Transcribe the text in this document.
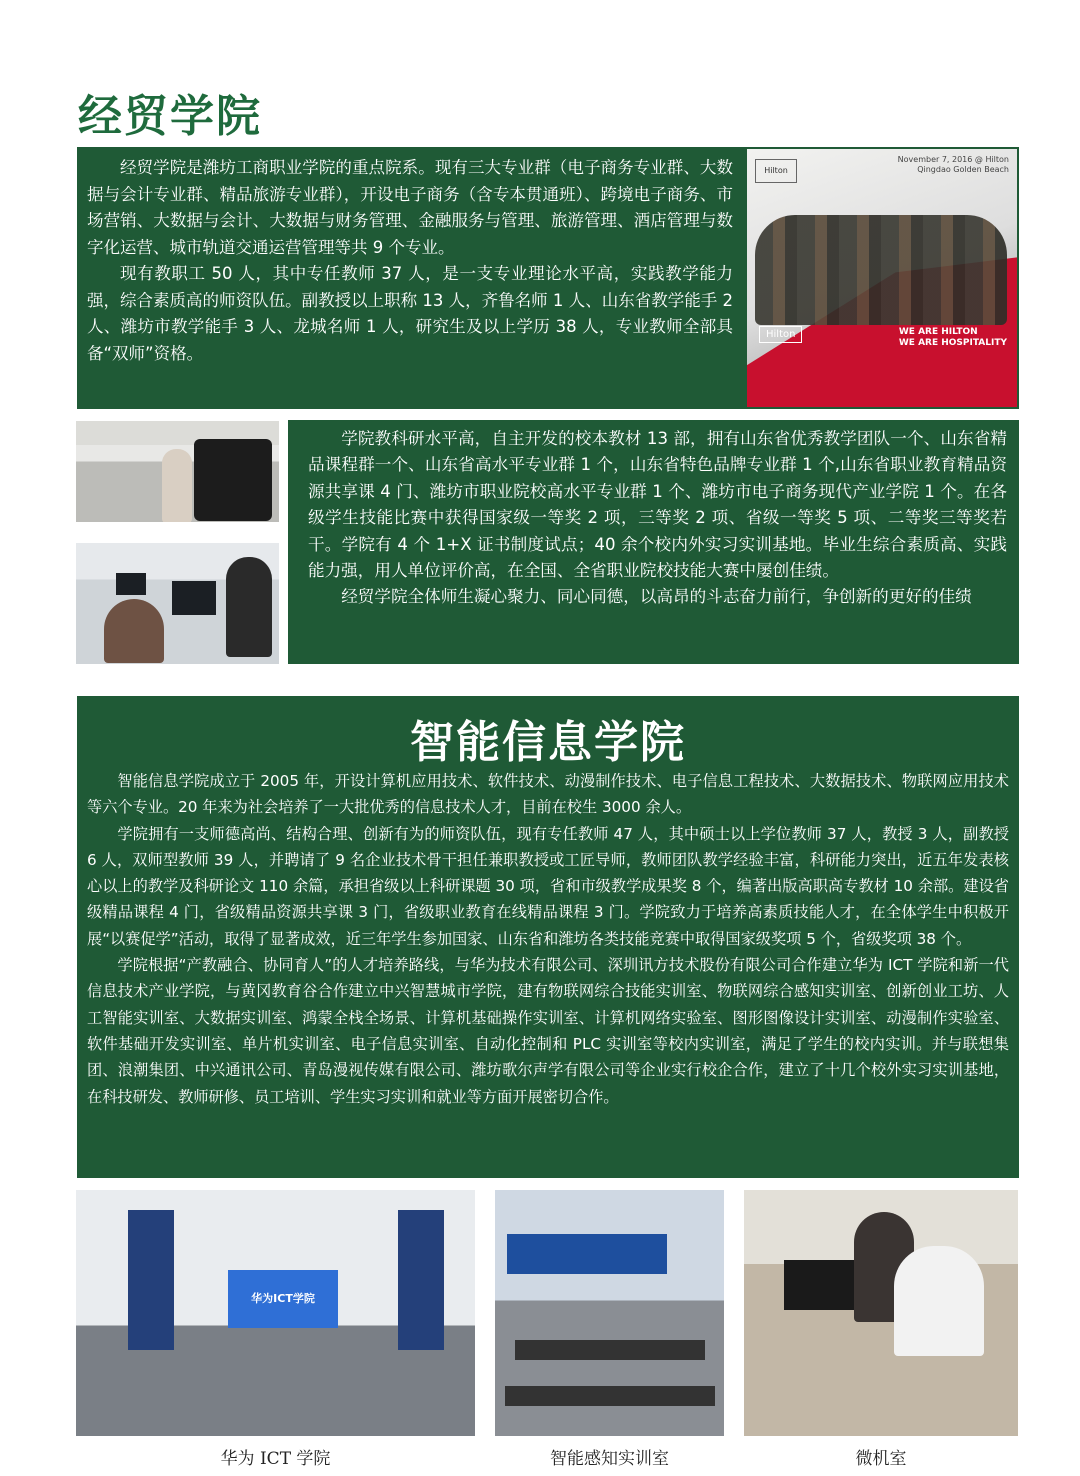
经贸学院

经贸学院是潍坊工商职业学院的重点院系。现有三大专业群（电子商务专业群、大数据与会计专业群、精品旅游专业群），开设电子商务（含专本贯通班）、跨境电子商务、市场营销、大数据与会计、大数据与财务管理、金融服务与管理、旅游管理、酒店管理与数字化运营、城市轨道交通运营管理等共 9 个专业。

现有教职工 50 人，其中专任教师 37 人，是一支专业理论水平高，实践教学能力强，综合素质高的师资队伍。副教授以上职称 13 人，齐鲁名师 1 人、山东省教学能手 2 人、潍坊市教学能手 3 人、龙城名师 1 人，研究生及以上学历 38 人，专业教师全部具备“双师”资格。

Hilton
November 7, 2016 @ Hilton Qingdao Golden Beach
Hilton	WE ARE HILTON
WE ARE HOSPITALITY

学院教科研水平高，自主开发的校本教材 13 部，拥有山东省优秀教学团队一个、山东省精品课程群一个、山东省高水平专业群 1 个，山东省特色品牌专业群 1 个,山东省职业教育精品资源共享课 4 门、潍坊市职业院校高水平专业群 1 个、潍坊市电子商务现代产业学院 1 个。在各级学生技能比赛中获得国家级一等奖 2 项，三等奖 2 项、省级一等奖 5 项、二等奖三等奖若干。学院有 4 个 1+X 证书制度试点；40 余个校内外实习实训基地。毕业生综合素质高、实践能力强，用人单位评价高，在全国、全省职业院校技能大赛中屡创佳绩。

经贸学院全体师生凝心聚力、同心同德，以高昂的斗志奋力前行，争创新的更好的佳绩

智能信息学院

智能信息学院成立于 2005 年，开设计算机应用技术、软件技术、动漫制作技术、电子信息工程技术、大数据技术、物联网应用技术等六个专业。20 年来为社会培养了一大批优秀的信息技术人才，目前在校生 3000 余人。

学院拥有一支师德高尚、结构合理、创新有为的师资队伍，现有专任教师 47 人，其中硕士以上学位教师 37 人，教授 3 人，副教授 6 人，双师型教师 39 人，并聘请了 9 名企业技术骨干担任兼职教授或工匠导师，教师团队教学经验丰富，科研能力突出，近五年发表核心以上的教学及科研论文 110 余篇，承担省级以上科研课题 30 项，省和市级教学成果奖 8 个，编著出版高职高专教材 10 余部。建设省级精品课程 4 门，省级精品资源共享课 3 门，省级职业教育在线精品课程 3 门。学院致力于培养高素质技能人才，在全体学生中积极开展“以赛促学”活动，取得了显著成效，近三年学生参加国家、山东省和潍坊各类技能竞赛中取得国家级奖项 5 个，省级奖项 38 个。

学院根据“产教融合、协同育人”的人才培养路线，与华为技术有限公司、深圳讯方技术股份有限公司合作建立华为 ICT 学院和新一代信息技术产业学院，与黄冈教育谷合作建立中兴智慧城市学院，建有物联网综合技能实训室、物联网综合感知实训室、创新创业工坊、人工智能实训室、大数据实训室、鸿蒙全栈全场景、计算机基础操作实训室、计算机网络实验室、图形图像设计实训室、动漫制作实验室、软件基础开发实训室、单片机实训室、电子信息实训室、自动化控制和 PLC 实训室等校内实训室，满足了学生的校内实训。并与联想集团、浪潮集团、中兴通讯公司、青岛漫视传媒有限公司、潍坊歌尔声学有限公司等企业实行校企合作，建立了十几个校外实习实训基地，在科技研发、教师研修、员工培训、学生实习实训和就业等方面开展密切合作。

华为ICT学院
华为 ICT 学院	智能感知实训室	微机室
